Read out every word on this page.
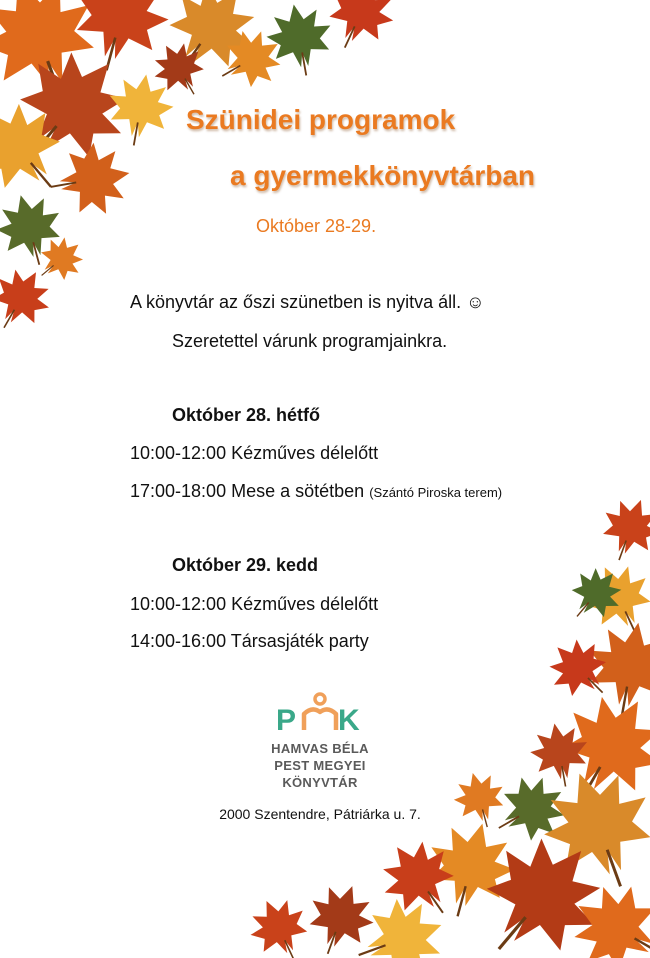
Szünidei programok
a gyermekkönyvtárban
Október 28-29.
A könyvtár az őszi szünetben is nyitva áll. ☺
Szeretettel várunk programjainkra.
Október 28. hétfő
10:00-12:00 Kézműves délelőtt
17:00-18:00 Mese a sötétben (Szántó Piroska terem)
Október 29. kedd
10:00-12:00 Kézműves délelőtt
14:00-16:00 Társasjáték party
P K
HAMVAS BÉLA
PEST MEGYEI
KÖNYVTÁR
2000 Szentendre, Pátriárka u. 7.
